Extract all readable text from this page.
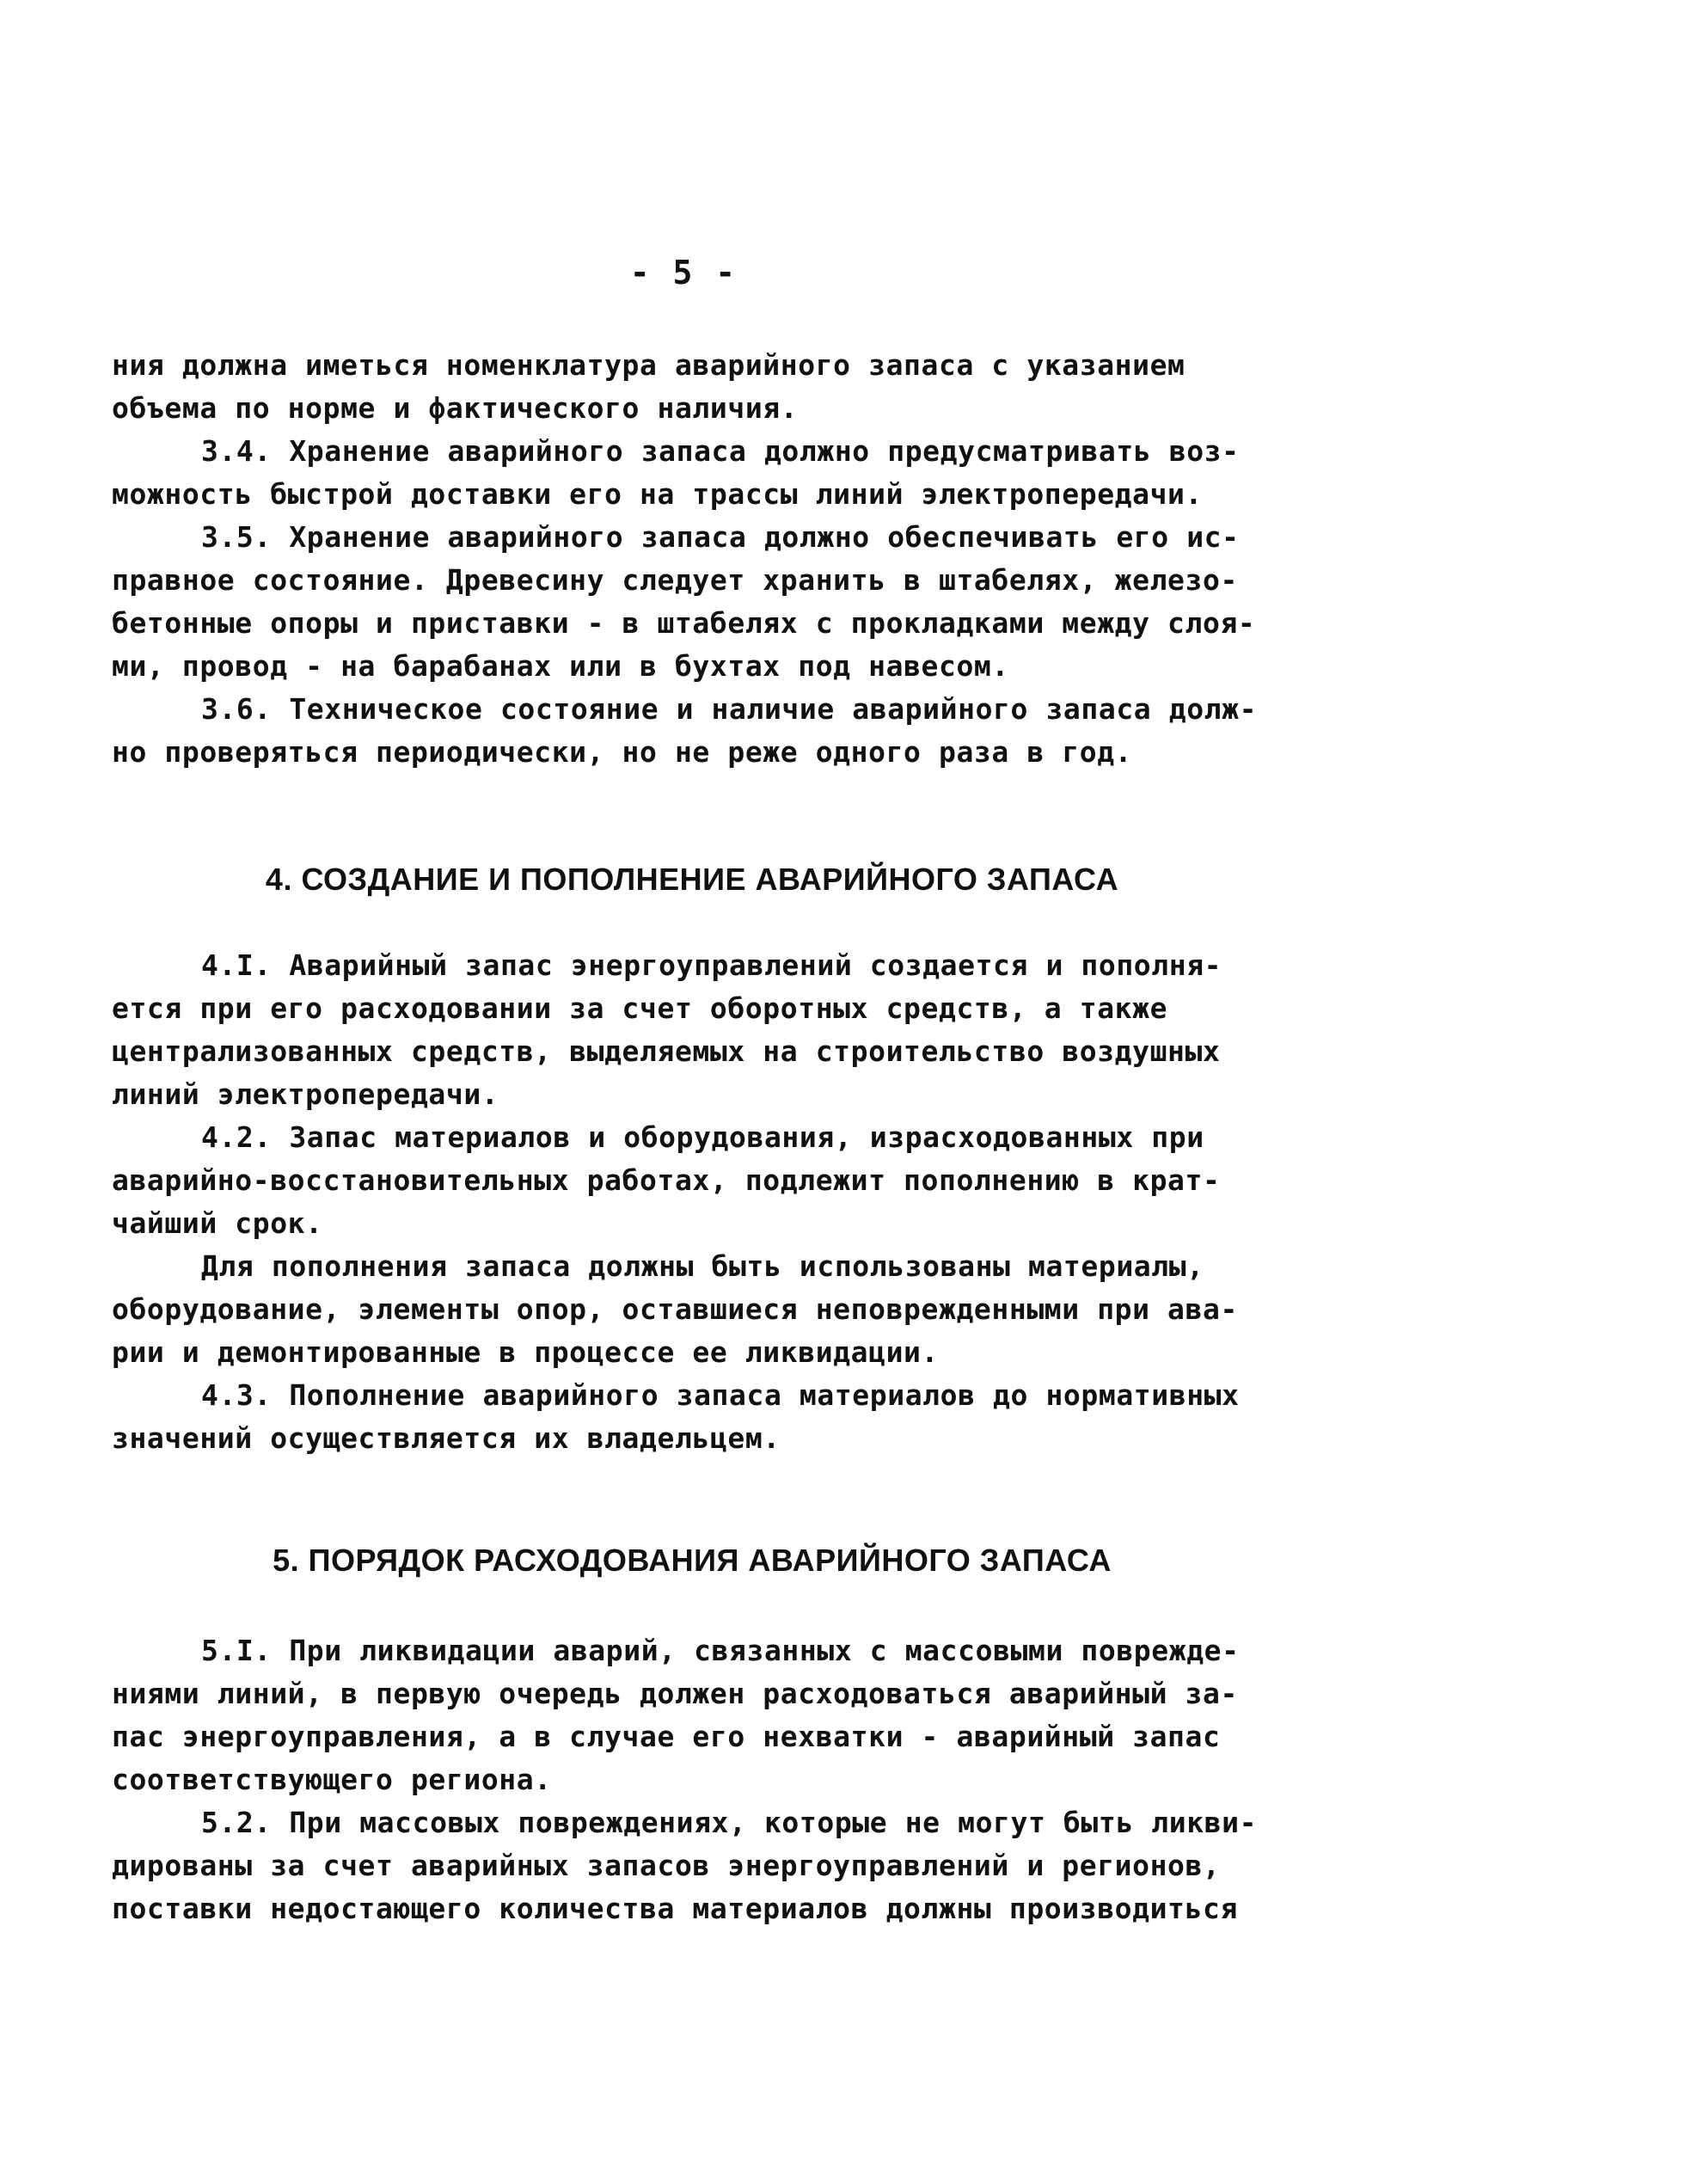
- 5 -
ния должна иметься номенклатура аварийного запаса с указанием
объема по норме и фактического наличия.
3.4. Хранение аварийного запаса должно предусматривать воз-
можность быстрой доставки его на трассы линий электропередачи.
3.5. Хранение аварийного запаса должно обеспечивать его ис-
правное состояние. Древесину следует хранить в штабелях, железо-
бетонные опоры и приставки - в штабелях с прокладками между слоя-
ми, провод - на барабанах или в бухтах под навесом.
3.6. Техническое состояние и наличие аварийного запаса долж-
но проверяться периодически, но не реже одного раза в год.
4. СОЗДАНИЕ И ПОПОЛНЕНИЕ АВАРИЙНОГО ЗАПАСА
4.I. Аварийный запас энергоуправлений создается и пополня-
ется при его расходовании за счет оборотных средств, а также
централизованных средств, выделяемых на строительство воздушных
линий электропередачи.
4.2. Запас материалов и оборудования, израсходованных при
аварийно-восстановительных работах, подлежит пополнению в крат-
чайший срок.
Для пополнения запаса должны быть использованы материалы,
оборудование, элементы опор, оставшиеся неповрежденными при ава-
рии и демонтированные в процессе ее ликвидации.
4.3. Пополнение аварийного запаса материалов до нормативных
значений осуществляется их владельцем.
5. ПОРЯДОК РАСХОДОВАНИЯ АВАРИЙНОГО ЗАПАСА
5.I. При ликвидации аварий, связанных с массовыми поврежде-
ниями линий, в первую очередь должен расходоваться аварийный за-
пас энергоуправления, а в случае его нехватки - аварийный запас
соответствующего региона.
5.2. При массовых повреждениях, которые не могут быть ликви-
дированы за счет аварийных запасов энергоуправлений и регионов,
поставки недостающего количества материалов должны производиться
